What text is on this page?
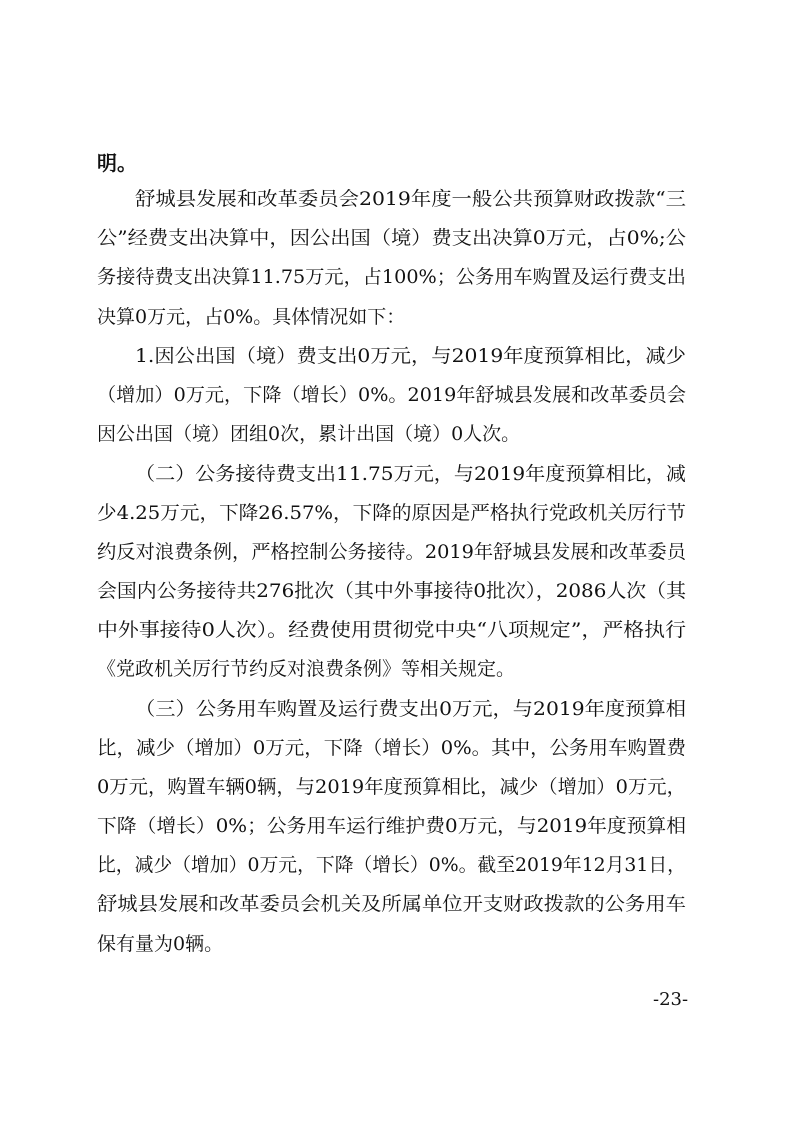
明。
舒城县发展和改革委员会2019年度一般公共预算财政拨款“三
公”经费支出决算中，因公出国（境）费支出决算0万元，占0%;公
务接待费支出决算11.75万元，占100%；公务用车购置及运行费支出
决算0万元，占0%。具体情况如下：
1.因公出国（境）费支出0万元，与2019年度预算相比，减少
（增加）0万元，下降（增长）0%。2019年舒城县发展和改革委员会
因公出国（境）团组0次，累计出国（境）0人次。
（二）公务接待费支出11.75万元，与2019年度预算相比，减
少4.25万元，下降26.57%，下降的原因是严格执行党政机关厉行节
约反对浪费条例，严格控制公务接待。2019年舒城县发展和改革委员
会国内公务接待共276批次（其中外事接待0批次），2086人次（其
中外事接待0人次）。经费使用贯彻党中央“八项规定”，严格执行
《党政机关厉行节约反对浪费条例》等相关规定。
（三）公务用车购置及运行费支出0万元，与2019年度预算相
比，减少（增加）0万元，下降（增长）0%。其中，公务用车购置费
0万元，购置车辆0辆，与2019年度预算相比，减少（增加）0万元，
下降（增长）0%；公务用车运行维护费0万元，与2019年度预算相
比，减少（增加）0万元，下降（增长）0%。截至2019年12月31日，
舒城县发展和改革委员会机关及所属单位开支财政拨款的公务用车
保有量为0辆。
-23-
